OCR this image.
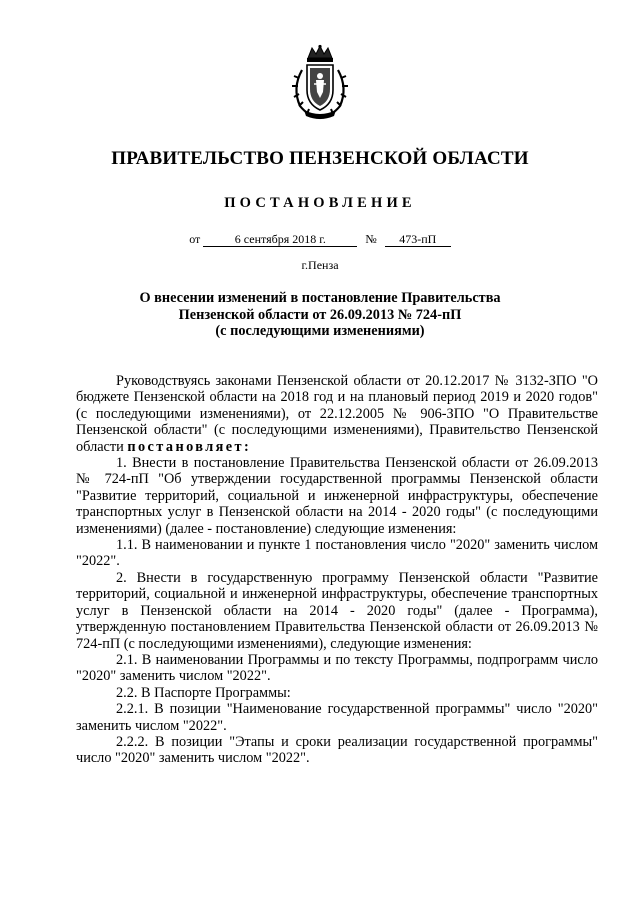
ПРАВИТЕЛЬСТВО ПЕНЗЕНСКОЙ ОБЛАСТИ
ПОСТАНОВЛЕНИЕ
от	6 сентября 2018 г.	№ 473-пП
г.Пенза
О внесении изменений в постановление Правительства
Пензенской области от 26.09.2013 № 724-пП
(с последующими изменениями)

Руководствуясь законами Пензенской области от 20.12.2017 № 3132-ЗПО "О бюджете Пензенской области на 2018 год и на плановый период 2019 и 2020 годов" (с последующими изменениями), от 22.12.2005 № 906-ЗПО "О Правительстве Пензенской области" (с последующими изменениями), Правительство Пензенской области постановляет:

1. Внести в постановление Правительства Пензенской области от 26.09.2013 № 724-пП "Об утверждении государственной программы Пензенской области "Развитие территорий, социальной и инженерной инфраструктуры, обеспечение транспортных услуг в Пензенской области на 2014 - 2020 годы" (с последующими изменениями) (далее - постановление) следующие изменения:

1.1. В наименовании и пункте 1 постановления число "2020" заменить числом "2022".

2. Внести в государственную программу Пензенской области "Развитие территорий, социальной и инженерной инфраструктуры, обеспечение транспортных услуг в Пензенской области на 2014 - 2020 годы" (далее - Программа), утвержденную постановлением Правительства Пензенской области от 26.09.2013 № 724-пП (с последующими изменениями), следующие изменения:

2.1. В наименовании Программы и по тексту Программы, подпрограмм число "2020" заменить числом "2022".

2.2. В Паспорте Программы:

2.2.1. В позиции "Наименование государственной программы" число "2020" заменить числом "2022".

2.2.2. В позиции "Этапы и сроки реализации государственной программы" число "2020" заменить числом "2022".
